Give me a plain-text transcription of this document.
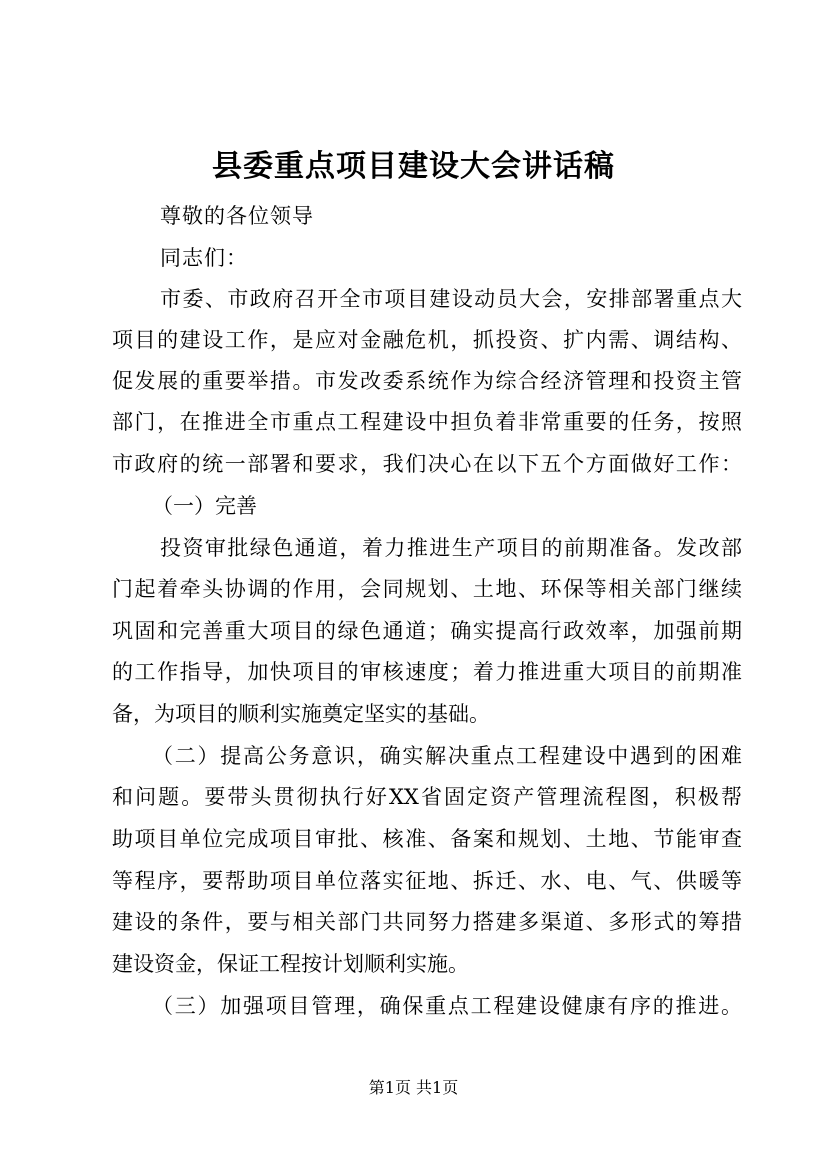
县委重点项目建设大会讲话稿
尊敬的各位领导
同志们：
市委、市政府召开全市项目建设动员大会，安排部署重点大
项目的建设工作，是应对金融危机，抓投资、扩内需、调结构、
促发展的重要举措。市发改委系统作为综合经济管理和投资主管
部门，在推进全市重点工程建设中担负着非常重要的任务，按照
市政府的统一部署和要求，我们决心在以下五个方面做好工作：
（一）完善
投资审批绿色通道，着力推进生产项目的前期准备。发改部
门起着牵头协调的作用，会同规划、土地、环保等相关部门继续
巩固和完善重大项目的绿色通道；确实提高行政效率，加强前期
的工作指导，加快项目的审核速度；着力推进重大项目的前期准
备，为项目的顺利实施奠定坚实的基础。
（二）提高公务意识，确实解决重点工程建设中遇到的困难
和问题。要带头贯彻执行好XX省固定资产管理流程图，积极帮
助项目单位完成项目审批、核准、备案和规划、土地、节能审查
等程序，要帮助项目单位落实征地、拆迁、水、电、气、供暖等
建设的条件，要与相关部门共同努力搭建多渠道、多形式的筹措
建设资金，保证工程按计划顺利实施。
（三）加强项目管理，确保重点工程建设健康有序的推进。
第1页 共1页
